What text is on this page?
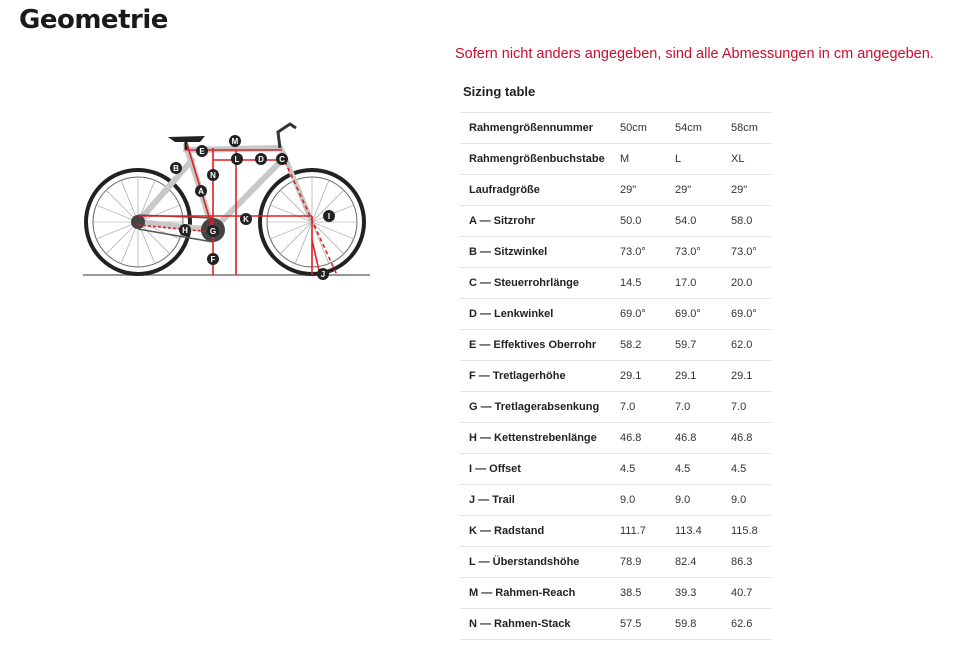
Geometrie
Sofern nicht anders angegeben, sind alle Abmessungen in cm angegeben.
Sizing table
A
B
C
D
E
F
G
H
I
J
K
L
M
N
Rahmengrößennummer	50cm	54cm	58cm
Rahmengrößenbuchstabe	M	L	XL
Laufradgröße	29"	29"	29"
A — Sitzrohr	50.0	54.0	58.0
B — Sitzwinkel	73.0°	73.0°	73.0°
C — Steuerrohrlänge	14.5	17.0	20.0
D — Lenkwinkel	69.0°	69.0°	69.0°
E — Effektives Oberrohr	58.2	59.7	62.0
F — Tretlagerhöhe	29.1	29.1	29.1
G — Tretlagerabsenkung	7.0	7.0	7.0
H — Kettenstrebenlänge	46.8	46.8	46.8
I — Offset	4.5	4.5	4.5
J — Trail	9.0	9.0	9.0
K — Radstand	111.7	113.4	115.8
L — Überstandshöhe	78.9	82.4	86.3
M — Rahmen-Reach	38.5	39.3	40.7
N — Rahmen-Stack	57.5	59.8	62.6
